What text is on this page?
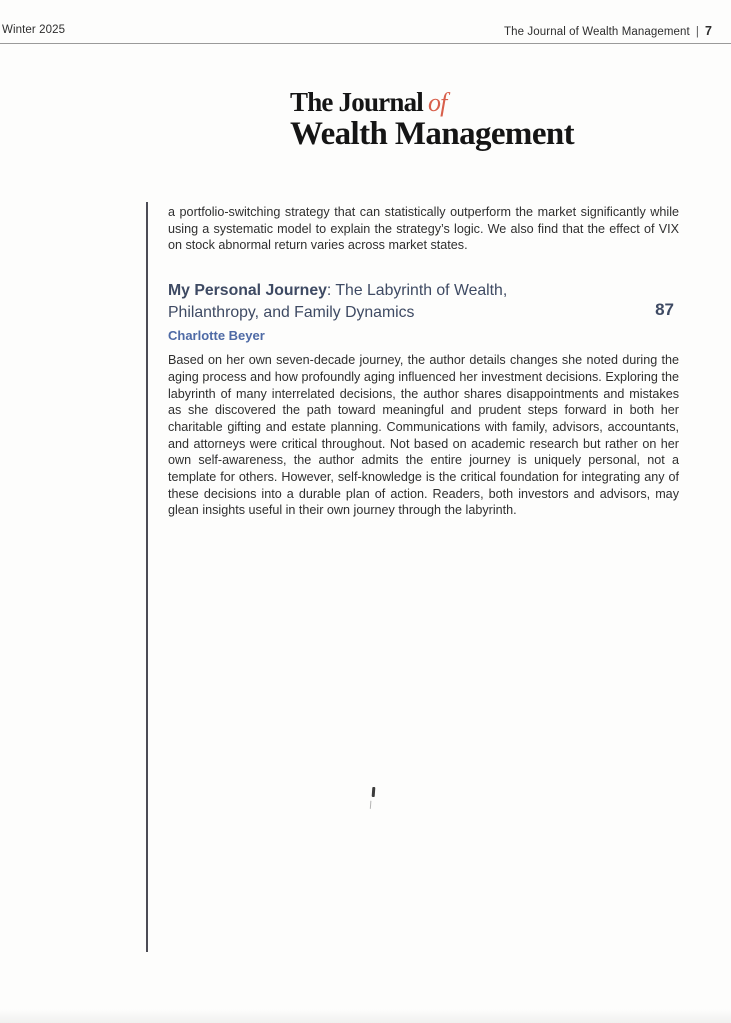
Winter 2025	The Journal of Wealth Management | 7
The Journal of
Wealth Management

a portfolio-switching strategy that can statistically outperform the market significantly while using a systematic model to explain the strategy’s logic. We also find that the effect of VIX on stock abnormal return varies across market states.

My Personal Journey: The Labyrinth of Wealth, Philanthropy, and Family Dynamics	87
Charlotte Beyer

Based on her own seven-decade journey, the author details changes she noted during the aging process and how profoundly aging influenced her investment decisions. Exploring the labyrinth of many interrelated decisions, the author shares disappointments and mistakes as she discovered the path toward meaningful and prudent steps forward in both her charitable gifting and estate planning. Communications with family, advisors, accountants, and attorneys were critical throughout. Not based on academic research but rather on her own self-awareness, the author admits the entire journey is uniquely personal, not a template for others. However, self-knowledge is the critical foundation for integrating any of these decisions into a durable plan of action. Readers, both investors and advisors, may glean insights useful in their own journey through the labyrinth.
